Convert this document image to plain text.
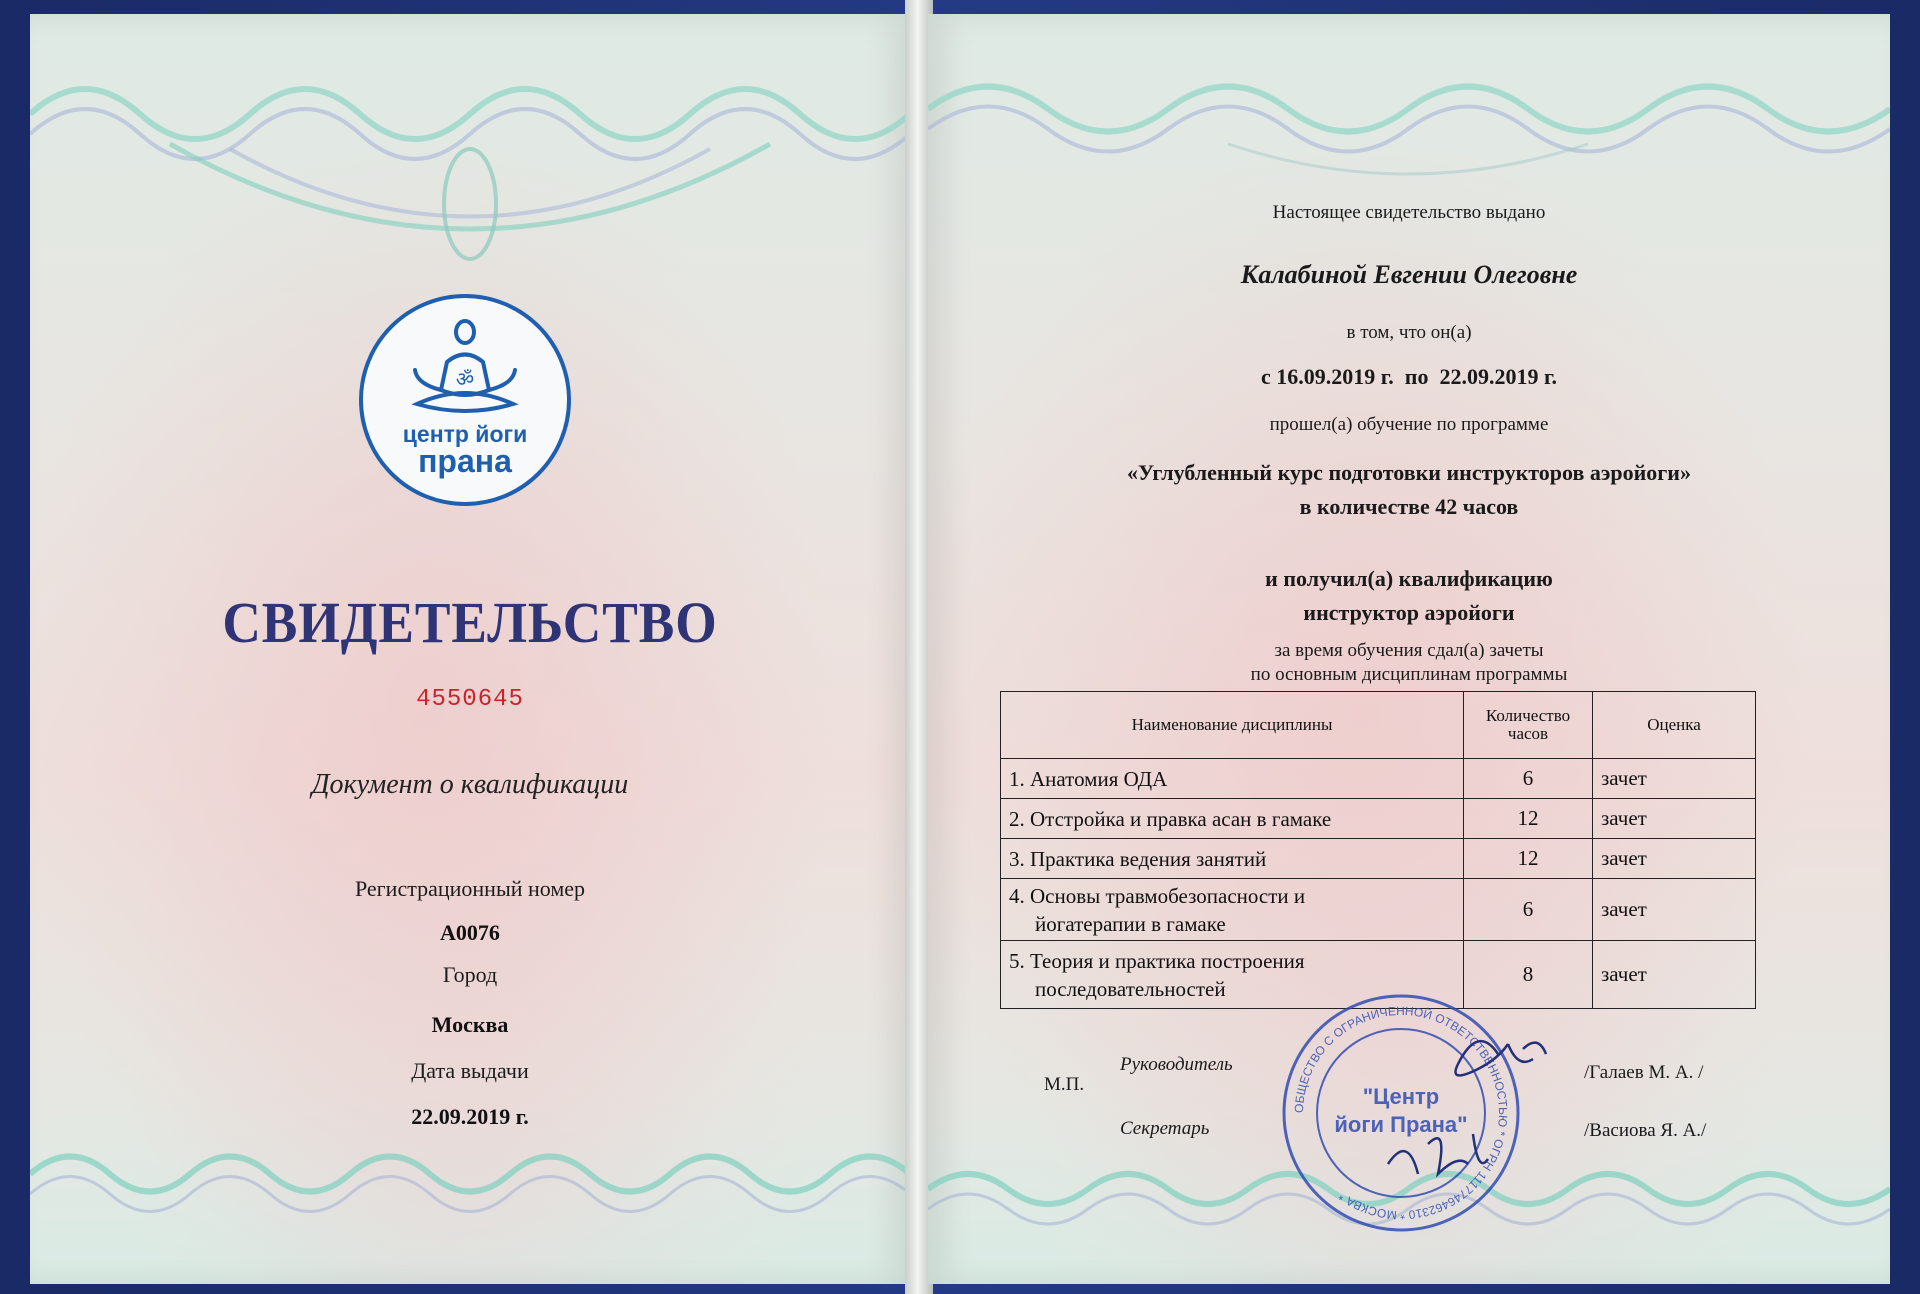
ॐ
центр йоги
прана
СВИДЕТЕЛЬСТВО
4550645
Документ о квалификации
Регистрационный номер
А0076
Город
Москва
Дата выдачи
22.09.2019 г.
Настоящее свидетельство выдано
Калабиной Евгении Олеговне
в том, что он(а)
с 16.09.2019 г.  по  22.09.2019 г.
прошел(а) обучение по программе
«Углубленный курс подготовки инструкторов аэройоги»
в количестве 42 часов
и получил(а) квалификацию
инструктор аэройоги
за время обучения сдал(а) зачеты
по основным дисциплинам программы
Наименование дисциплины	Количество часов	Оценка
1. Анатомия ОДА	6	зачет
2. Отстройка и правка асан в гамаке	12	зачет
3. Практика ведения занятий	12	зачет
4. Основы травмобезопасности и
йогатерапии в гамаке	6	зачет
5. Теория и практика построения
последовательностей	8	зачет
М.П.
Руководитель	/Галаев М. А. /
Секретарь	/Васиова Я. А./
ОБЩЕСТВО С ОГРАНИЧЕННОЙ ОТВЕТСТВЕННОСТЬЮ * ОГРН 1117746462310 * МОСКВА *
"Центр
йоги Прана"
